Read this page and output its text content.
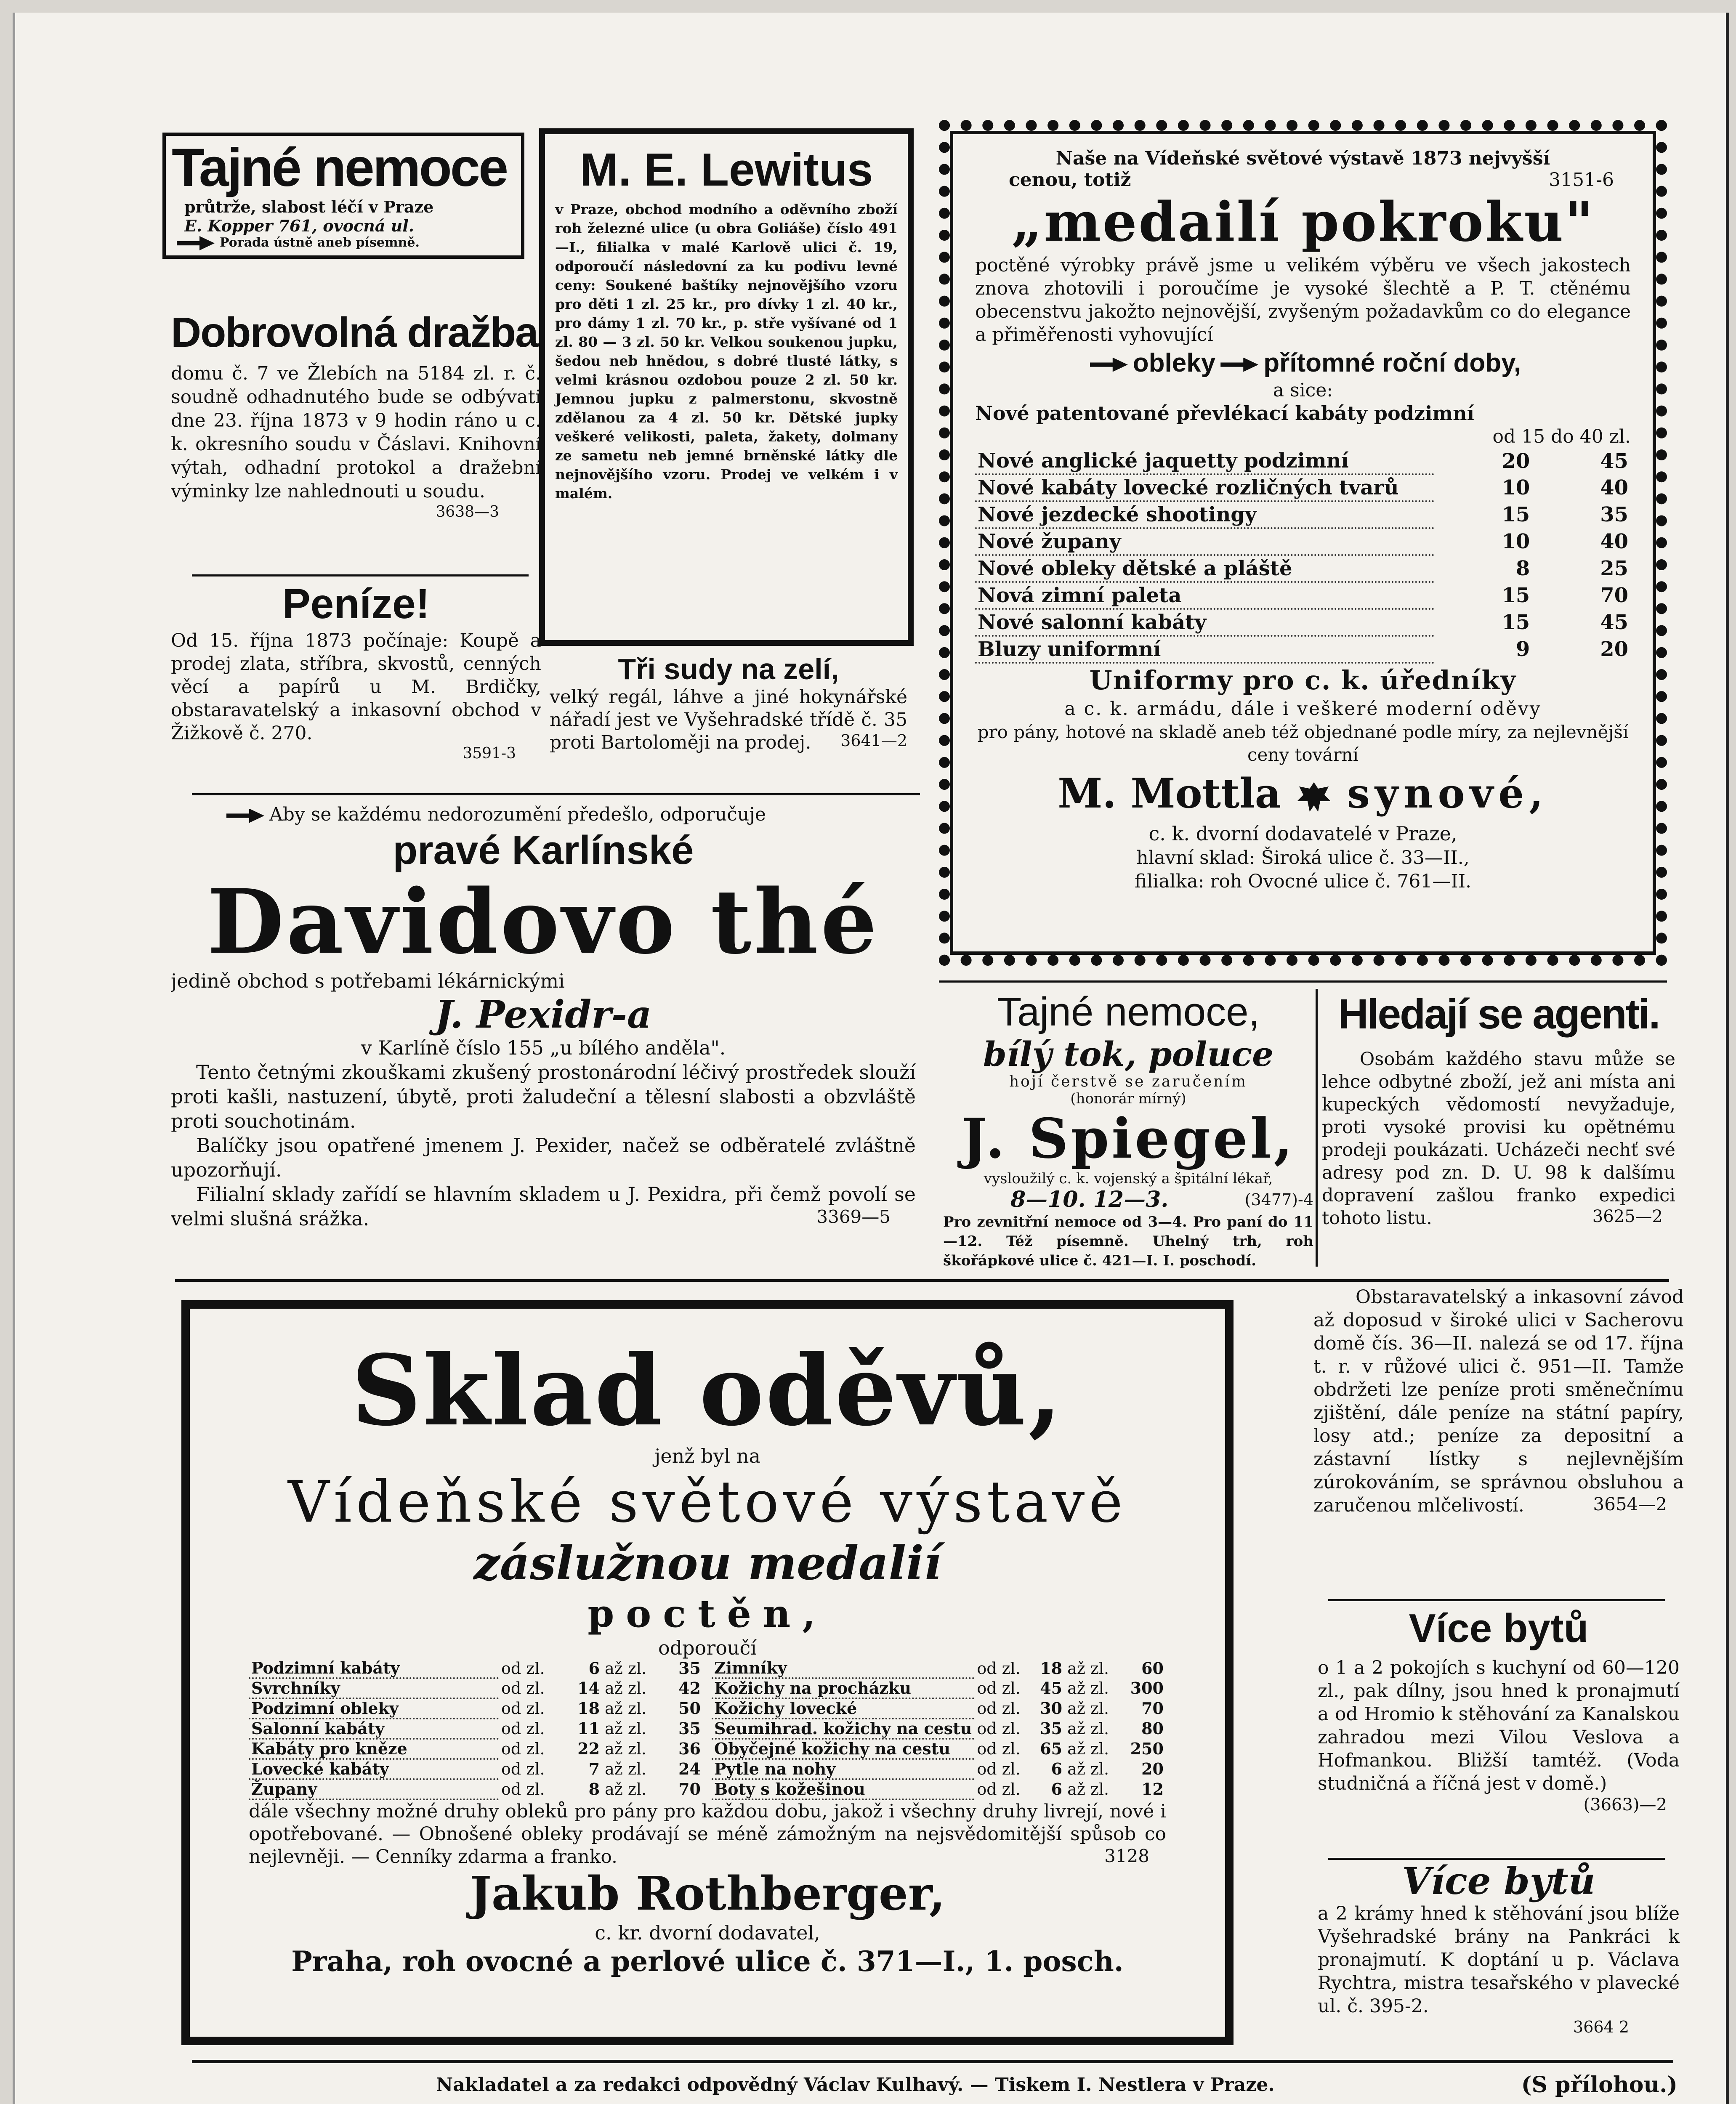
Tajné nemoce
průtrže, slabost léčí v Praze
E. Kopper 761, ovocná ul.
Porada ústně aneb písemně.
Dobrovolná dražba
domu č. 7 ve Žlebích na 5184 zl. r. č. soudně odhadnutého bude se odbývati dne 23. října 1873 v 9 hodin ráno u c. k. okresního soudu v Čáslavi. Knihovní výtah, odhadní protokol a dražební výminky lze nahlednouti u soudu.
3638—3
Peníze!
Od 15. října 1873 počínaje: Koupě a prodej zlata, stříbra, skvostů, cenných věcí a papírů u M. Brdičky, obstaravatelský a inkasovní obchod v Žižkově č. 270.
3591-3
M. E. Lewitus
v Praze, obchod modního a oděvního zboží roh železné ulice (u obra Goliáše) číslo 491—I., filialka v malé Karlově ulici č. 19, odporoučí následovní za ku podivu levné ceny: Soukené baštíky nejnovějšího vzoru pro děti 1 zl. 25 kr., pro dívky 1 zl. 40 kr., pro dámy 1 zl. 70 kr., p. stře vyšívané od 1 zl. 80 — 3 zl. 50 kr. Velkou soukenou jupku, šedou neb hnědou, s dobré tlusté látky, s velmi krásnou ozdobou pouze 2 zl. 50 kr. Jemnou jupku z palmerstonu, skvostně zdělanou za 4 zl. 50 kr. Dětské jupky veškeré velikosti, paleta, žakety, dolmany ze sametu neb jemné brněnské látky dle nejnovějšího vzoru. Prodej ve velkém i v malém.
Tři sudy na zelí,
velký regál, láhve a jiné hokynářské nářadí jest ve Vyšehradské třídě č. 35 proti Bartoloměji na prodej.	3641—2
Naše na Vídeňské světové výstavě 1873 nejvyšší
cenou, totiž	3151-6
„medailí pokroku"
poctěné výrobky právě jsme u velikém výběru ve všech jakostech znova zhotovili i poroučíme je vysoké šlechtě a P. T. ctěnému obecenstvu jakožto nejnovější, zvyšeným požadavkům co do elegance a přiměřenosti vyhovující
obleky přítomné roční doby,
a sice:
Nové patentované převlékací kabáty podzimní
od 15 do 40 zl.
Nové anglické jaquetty podzimní	20	45
Nové kabáty lovecké rozličných tvarů	10	40
Nové jezdecké shootingy	15	35
Nové župany	10	40
Nové obleky dětské a pláště	8	25
Nová zimní paleta	15	70
Nové salonní kabáty	15	45
Bluzy uniformní	9	20
Uniformy pro c. k. úředníky
a c. k. armádu, dále i veškeré moderní oděvy
pro pány, hotové na skladě aneb též objednané podle míry, za nejlevnější ceny tovární
M. Mottla synové,
c. k. dvorní dodavatelé v Praze,
hlavní sklad: Široká ulice č. 33—II.,
filialka: roh Ovocné ulice č. 761—II.
Aby se každému nedorozumění předešlo, odporučuje
pravé Karlínské
Davidovo thé
jedině obchod s potřebami lékárnickými
J. Pexidr-a
v Karlíně číslo 155 „u bílého anděla".
Tento četnými zkouškami zkušený prostonárodní léčivý prostředek slouží proti kašli, nastuzení, úbytě, proti žaludeční a tělesní slabosti a obzvláště proti souchotinám.
Balíčky jsou opatřené jmenem J. Pexider, načež se odběratelé zvláštně upozorňují.
Filialní sklady zařídí se hlavním skladem u J. Pexidra, při čemž povolí se velmi slušná srážka.	3369—5
Tajné nemoce,
bílý tok, poluce
hojí čerstvě se zaručením
(honorár mírný)
J. Spiegel,
vysloužilý c. k. vojenský a špitální lékař,
8—10. 12—3.	(3477)-4
Pro zevnitřní nemoce od 3—4. Pro paní do 11—12. Též písemně. Uhelný trh, roh škořápkové ulice č. 421—I. I. poschodí.
Hledají se agenti.
Osobám každého stavu může se lehce odbytné zboží, jež ani místa ani kupeckých vědomostí nevyžaduje, proti vysoké provisi ku opětnému prodeji poukázati. Ucházeči nechť své adresy pod zn. D. U. 98 k dalšímu dopravení zašlou franko expedici tohoto listu.	3625—2
Sklad oděvů,
jenž byl na
Vídeňské světové výstavě
záslužnou medalií
poctěn,
odporoučí
Podzimní kabáty	od zl.	6	až zl.	35
Svrchníky	od zl.	14	až zl.	42
Podzimní obleky	od zl.	18	až zl.	50
Salonní kabáty	od zl.	11	až zl.	35
Kabáty pro kněze	od zl.	22	až zl.	36
Lovecké kabáty	od zl.	7	až zl.	24
Župany	od zl.	8	až zl.	70
Zimníky	od zl.	18	až zl.	60
Kožichy na procházku	od zl.	45	až zl.	300
Kožichy lovecké	od zl.	30	až zl.	70
Seumihrad. kožichy na cestu	od zl.	35	až zl.	80
Obyčejné kožichy na cestu	od zl.	65	až zl.	250
Pytle na nohy	od zl.	6	až zl.	20
Boty s kožešinou	od zl.	6	až zl.	12
dále všechny možné druhy obleků pro pány pro každou dobu, jakož i všechny druhy livrejí, nové i opotřebované. — Obnošené obleky prodávají se méně zámožným na nejsvědomitější spůsob co nejlevněji. — Cenníky zdarma a franko.	3128
Jakub Rothberger,
c. kr. dvorní dodavatel,
Praha, roh ovocné a perlové ulice č. 371—I., 1. posch.
Obstaravatelský a inkasovní závod až doposud v široké ulici v Sacherovu domě čís. 36—II. nalezá se od 17. října t. r. v růžové ulici č. 951—II. Tamže obdržeti lze peníze proti směnečnímu zjištění, dále peníze na státní papíry, losy atd.; peníze za depositní a zástavní lístky s nejlevnějším zúrokováním, se správnou obsluhou a zaručenou mlčelivostí.	3654—2
Více bytů
o 1 a 2 pokojích s kuchyní od 60—120 zl., pak dílny, jsou hned k pronajmutí a od Hromio k stěhování za Kanalskou zahradou mezi Vilou Veslova a Hofmankou. Bližší tamtéž. (Voda studničná a říčná jest v domě.)
(3663)—2
Více bytů
a 2 krámy hned k stěhování jsou blíže Vyšehradské brány na Pankráci k pronajmutí. K doptání u p. Václava Rychtra, mistra tesařského v plavecké ul. č. 395-2.
3664 2
Nakladatel a za redakci odpovědný Václav Kulhavý. — Tiskem I. Nestlera v Praze.	(S přílohou.)
